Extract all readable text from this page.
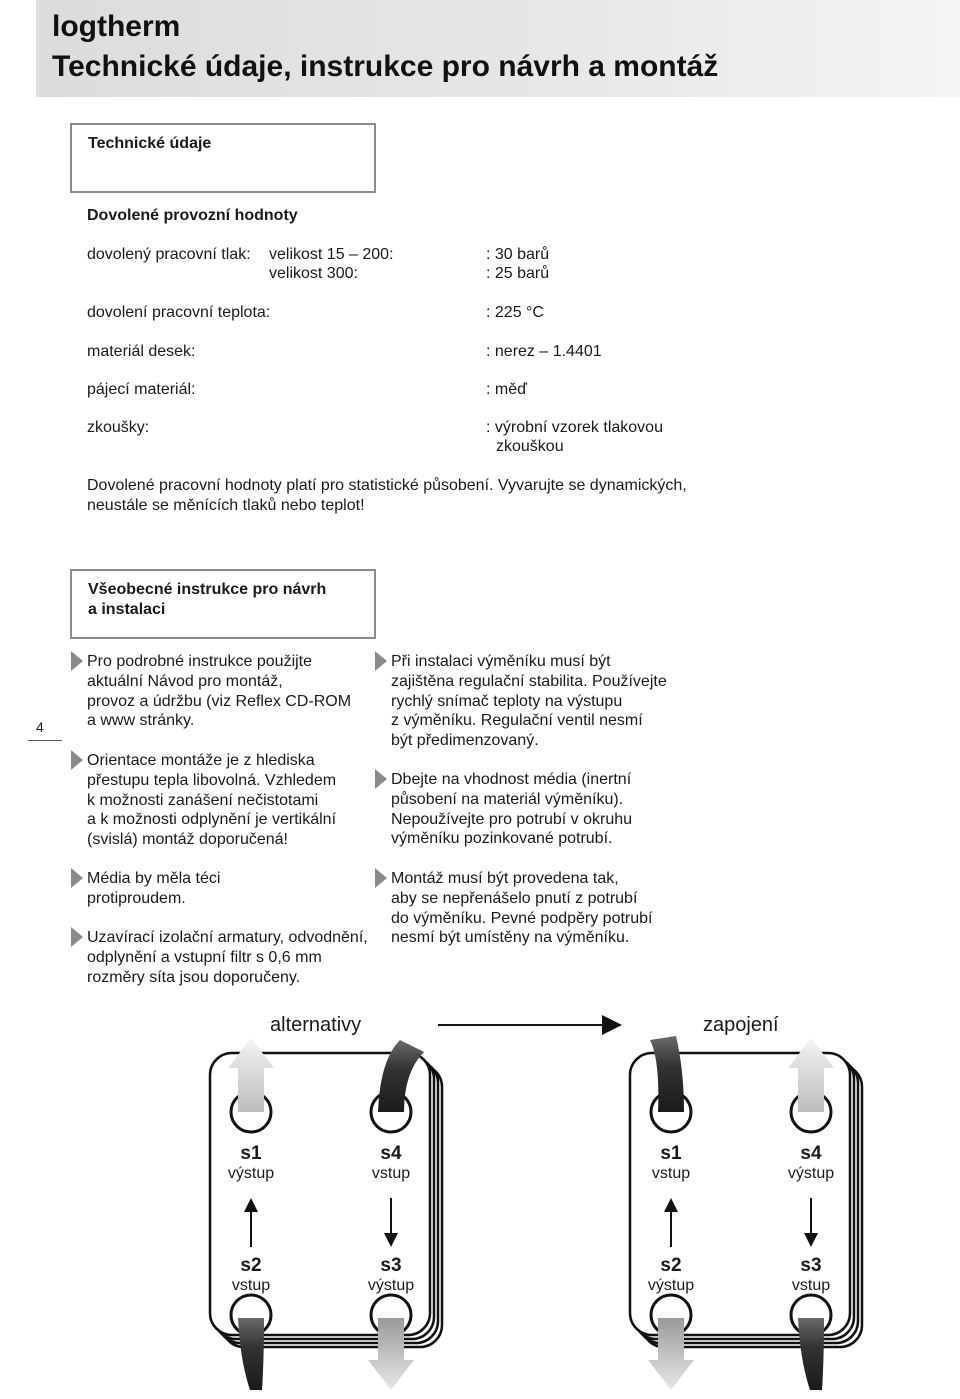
logtherm
Technické údaje, instrukce pro návrh a montáž
Technické údaje
Dovolené provozní hodnoty
dovolený pracovní tlak: velikost 15 – 200:	: 30 barů
velikost 300:	: 25 barů
dovolení pracovní teplota:	: 225 °C
materiál desek:	: nerez – 1.4401
pájecí materiál:	: měď
zkoušky:	: výrobní vzorek tlakovou
zkouškou
Dovolené pracovní hodnoty platí pro statistické působení. Vyvarujte se dynamických,
neustále se měnících tlaků nebo teplot!
Všeobecné instrukce pro návrh
a instalaci
4
Pro podrobné instrukce použijte
aktuální Návod pro montáž,
provoz a údržbu (viz Reflex CD-ROM
a www stránky.
Orientace montáže je z hlediska
přestupu tepla libovolná. Vzhledem
k možnosti zanášení nečistotami
a k možnosti odplynění je vertikální
(svislá) montáž doporučená!
Média by měla téci
protiproudem.
Uzavírací izolační armatury, odvodnění,
odplynění a vstupní filtr s 0,6 mm
rozměry síta jsou doporučeny.
Při instalaci výměníku musí být
zajištěna regulační stabilita. Používejte
rychlý snímač teploty na výstupu
z výměníku. Regulační ventil nesmí
být předimenzovaný.
Dbejte na vhodnost média (inertní
působení na materiál výměníku).
Nepoužívejte pro potrubí v okruhu
výměníku pozinkované potrubí.
Montáž musí být provedena tak,
aby se nepřenášelo pnutí z potrubí
do výměníku. Pevné podpěry potrubí
nesmí být umístěny na výměníku.
alternativy	zapojení
s1
výstup
s4
vstup
s2
vstup
s3
výstup
s1
vstup
s4
výstup
s2
výstup
s3
vstup
